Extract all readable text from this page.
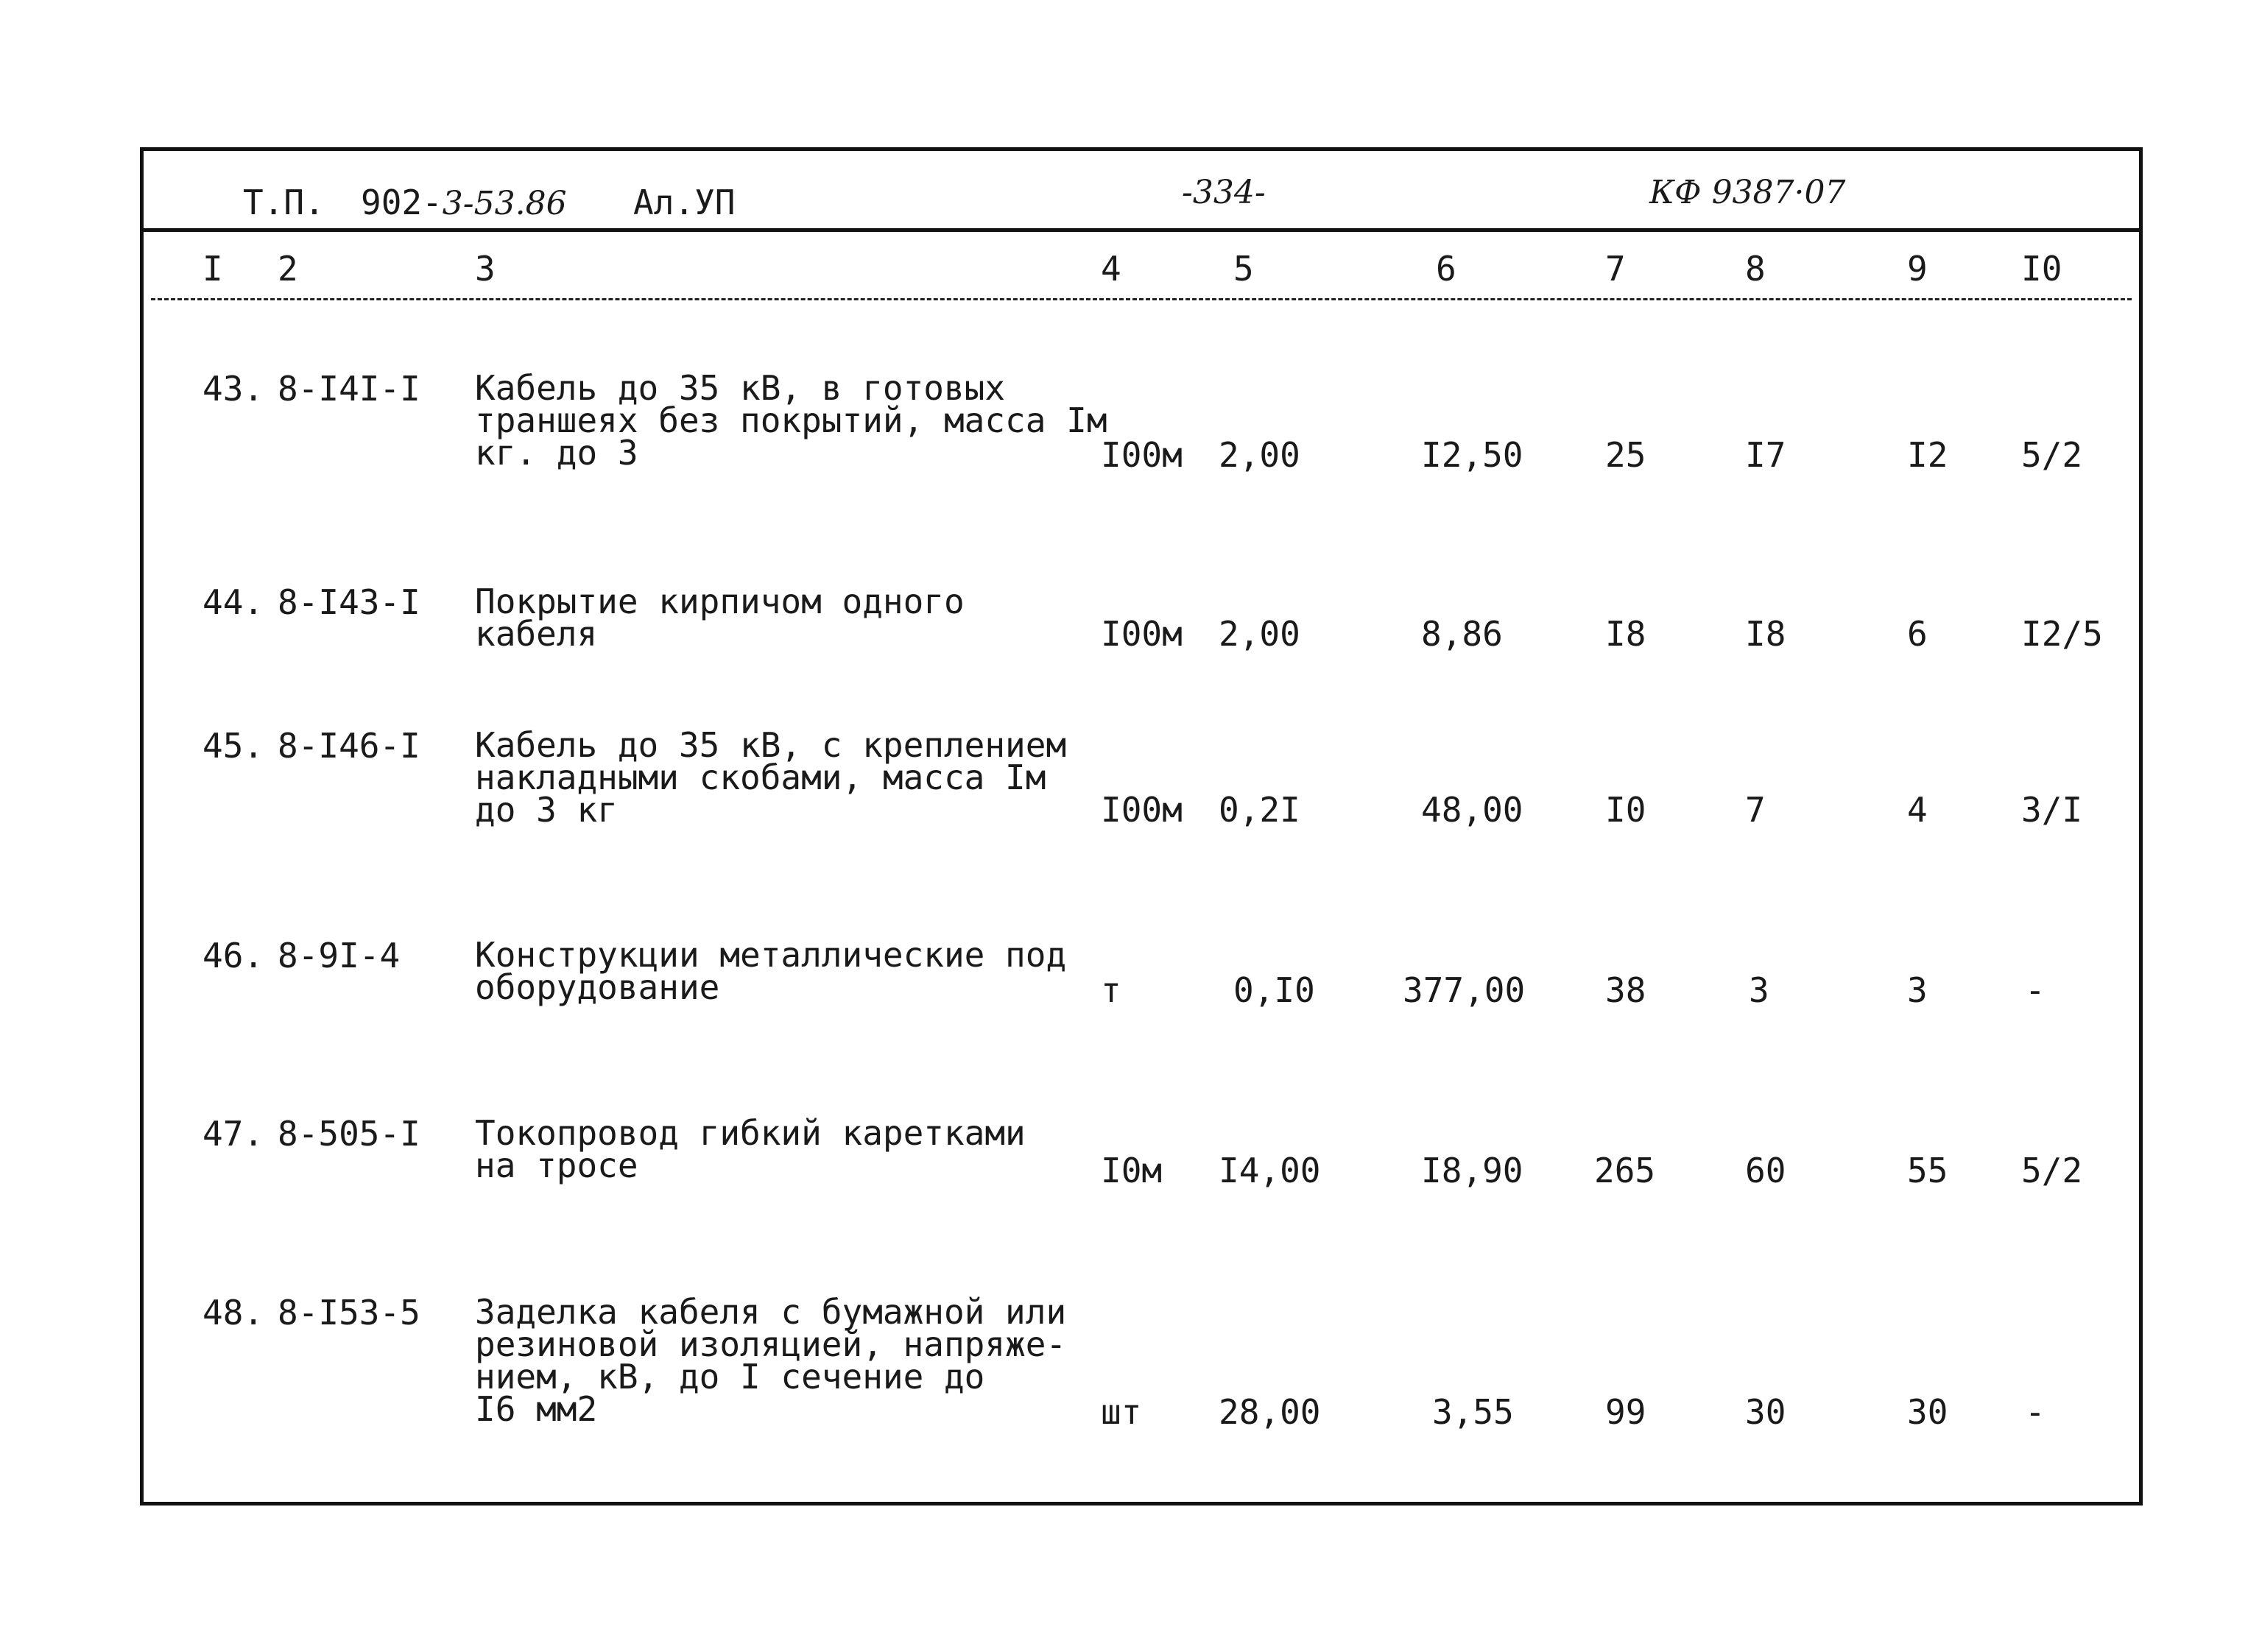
Т.П. 902-3-53.86 Ал.УП	-334-	КФ 9387·07
I 2	3	4	5	6	7	8	9	I0
43. 8-I4I-I Кабель до 35 кВ, в готовых
траншеях без покрытий, масса Iм
кг. до 3	I00м 2,00	I2,50 25	I7	I2 5/2
44. 8-I43-I Покрытие кирпичом одного
кабеля	I00м 2,00	8,86	I8	I8	6	I2/5
45. 8-I46-I Кабель до 35 кВ, с креплением
накладными скобами, масса Iм
до 3 кг	I00м 0,2I	48,00 I0	7	4	3/I
46. 8-9I-4 Конструкции металлические под
оборудование	т	0,I0	377,00 38	3	3	-
47. 8-505-I Токопровод гибкий каретками
на тросе	I0м I4,00	I8,90 265	60	55 5/2
48. 8-I53-5 Заделка кабеля с бумажной или
резиновой изоляцией, напряже-
нием, кВ, до I сечение до
I6 мм2	шт 28,00	3,55	99	30	30 -
